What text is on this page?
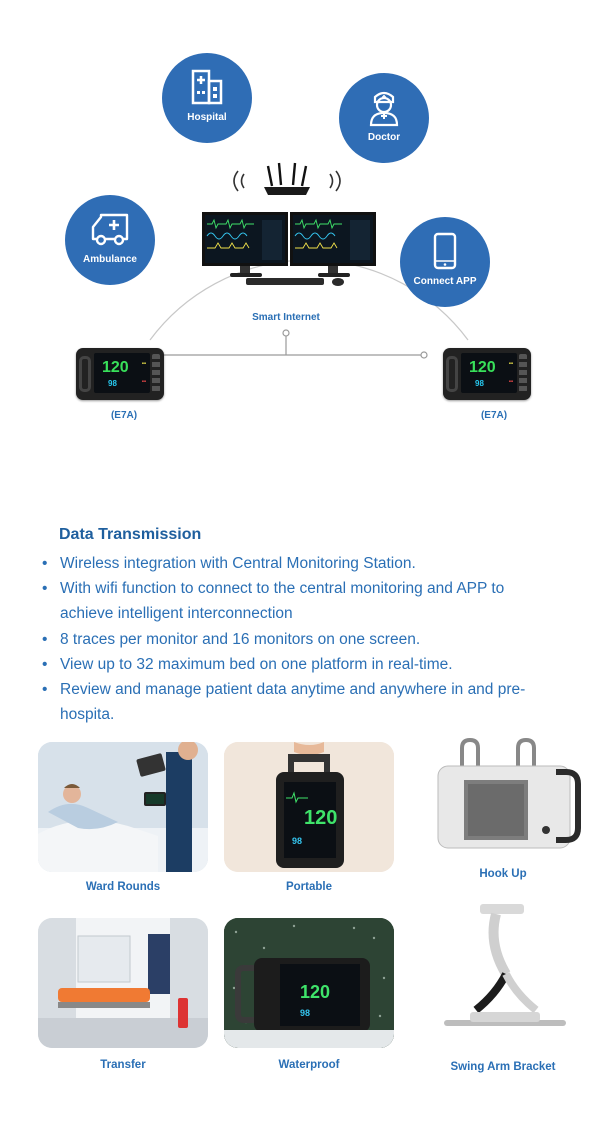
Hospital
Doctor
Ambulance
Connect APP
Smart Internet
120
98
▪▪
▪▪
(E7A)
120
98
▪▪
▪▪
(E7A)
Data Transmission
• Wireless integration with Central Monitoring Station.
• With wifi function to connect to the central monitoring and APP to achieve intelligent interconnection
• 8 traces per monitor and 16 monitors on one screen.
• View up to 32 maximum bed on one platform in real-time.
• Review and manage patient data anytime and anywhere in and pre-hospita.
Ward Rounds
120
98
Portable
Hook Up
Transfer
120
98
Waterproof	Swing Arm Bracket
